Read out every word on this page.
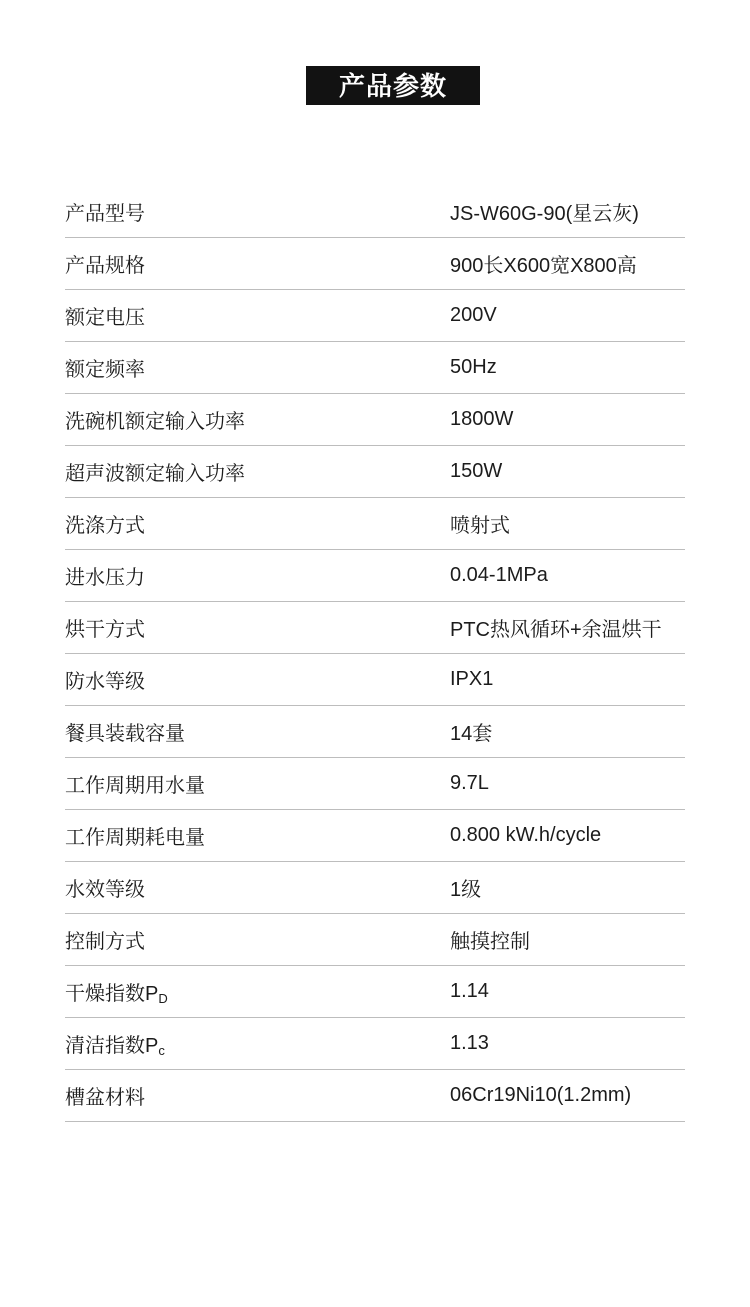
产品参数
产品型号	JS-W60G-90(星云灰)
产品规格	900长X600宽X800高
额定电压	200V
额定频率	50Hz
洗碗机额定输入功率	1800W
超声波额定输入功率	150W
洗涤方式	喷射式
进水压力	0.04-1MPa
烘干方式	PTC热风循环+余温烘干
防水等级	IPX1
餐具装载容量	14套
工作周期用水量	9.7L
工作周期耗电量	0.800 kW.h/cycle
水效等级	1级
控制方式	触摸控制
干燥指数$P_D$	1.14
清洁指数$P_c$	1.13
槽盆材料	06Cr19Ni10(1.2mm)
